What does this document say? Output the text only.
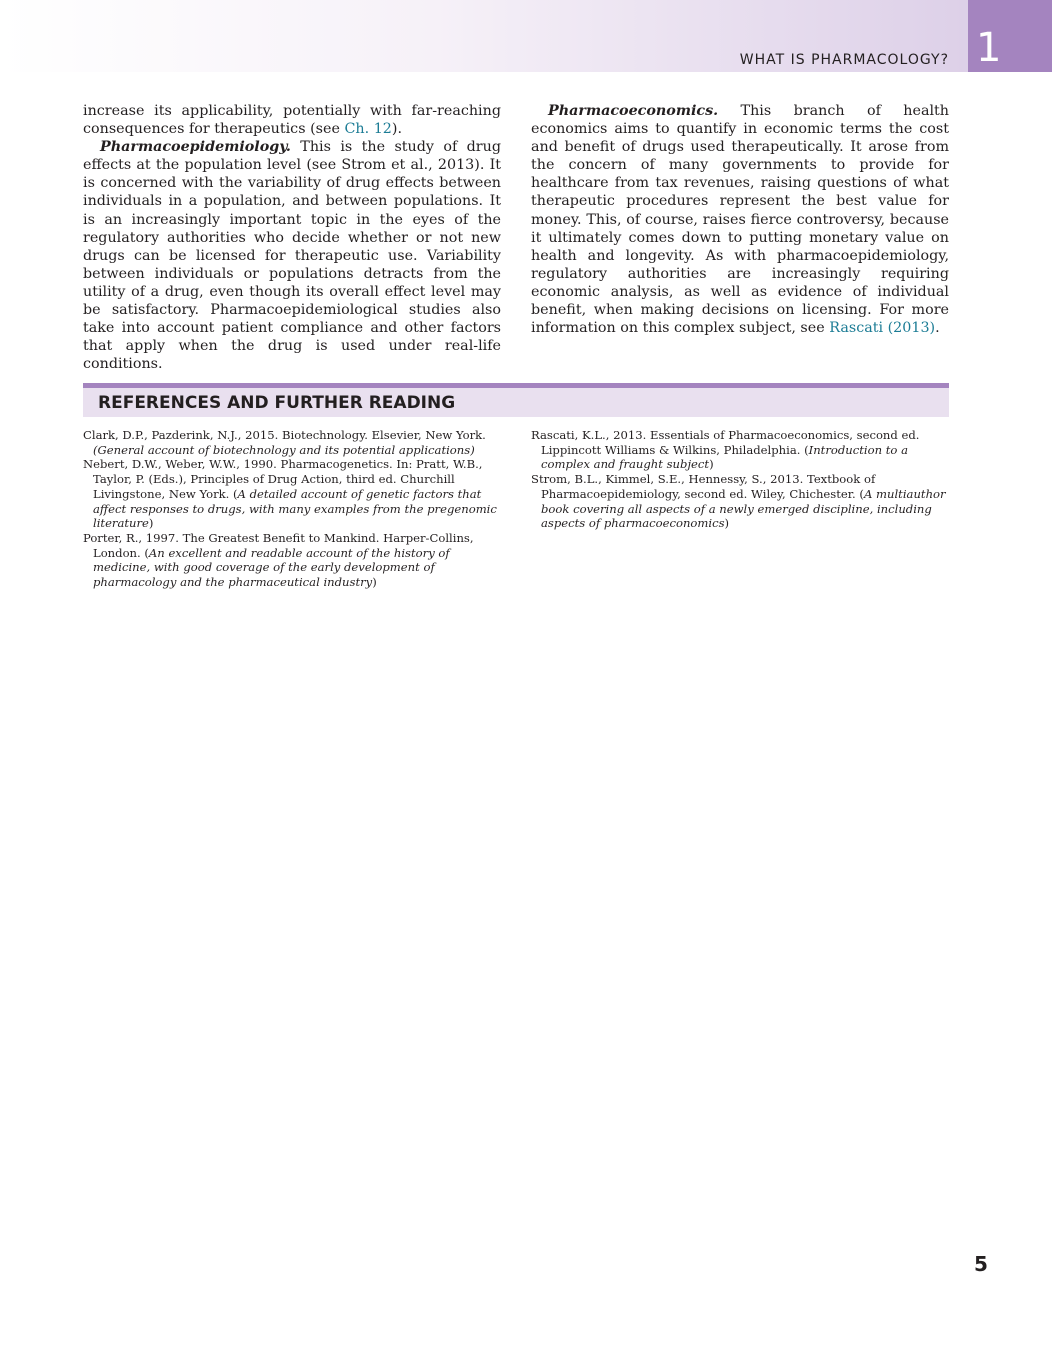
WHAT IS PHARMACOLOGY? 1

increase its applicability, potentially with far-reaching consequences for therapeutics (see Ch. 12).

Pharmacoepidemiology. This is the study of drug effects at the population level (see Strom et al., 2013). It is concerned with the variability of drug effects between individuals in a population, and between populations. It is an increasingly important topic in the eyes of the regulatory authorities who decide whether or not new drugs can be licensed for therapeutic use. Variability between individuals or populations detracts from the utility of a drug, even though its overall effect level may be satisfactory. Pharmacoepidemiological studies also take into account patient compliance and other factors that apply when the drug is used under real-life conditions.

Pharmacoeconomics. This branch of health economics aims to quantify in economic terms the cost and benefit of drugs used therapeutically. It arose from the concern of many governments to provide for healthcare from tax revenues, raising questions of what therapeutic procedures represent the best value for money. This, of course, raises fierce controversy, because it ultimately comes down to putting monetary value on health and longevity. As with pharmacoepidemiology, regulatory authorities are increasingly requiring economic analysis, as well as evidence of individual benefit, when making decisions on licensing. For more information on this complex subject, see Rascati (2013).

REFERENCES AND FURTHER READING

Clark, D.P., Pazderink, N.J., 2015. Biotechnology. Elsevier, New York. (General account of biotechnology and its potential applications)

Nebert, D.W., Weber, W.W., 1990. Pharmacogenetics. In: Pratt, W.B., Taylor, P. (Eds.), Principles of Drug Action, third ed. Churchill Livingstone, New York. (A detailed account of genetic factors that affect responses to drugs, with many examples from the pregenomic literature)

Porter, R., 1997. The Greatest Benefit to Mankind. Harper-Collins, London. (An excellent and readable account of the history of medicine, with good coverage of the early development of pharmacology and the pharmaceutical industry)

Rascati, K.L., 2013. Essentials of Pharmacoeconomics, second ed. Lippincott Williams & Wilkins, Philadelphia. (Introduction to a complex and fraught subject)

Strom, B.L., Kimmel, S.E., Hennessy, S., 2013. Textbook of Pharmacoepidemiology, second ed. Wiley, Chichester. (A multiauthor book covering all aspects of a newly emerged discipline, including aspects of pharmacoeconomics)

5
